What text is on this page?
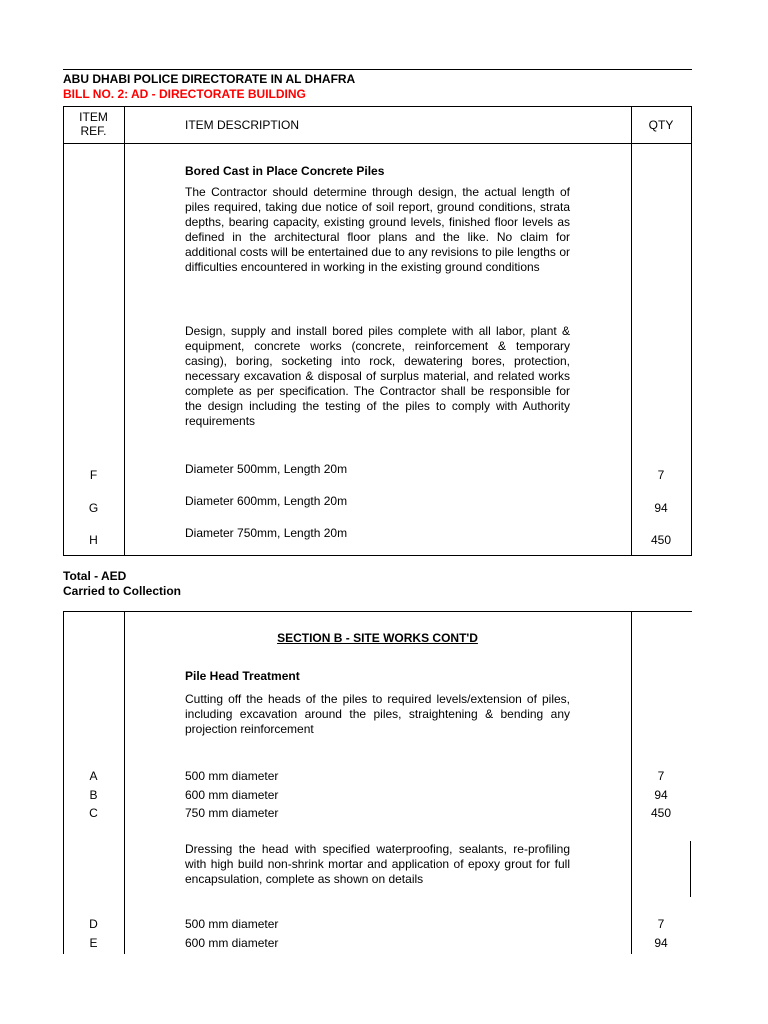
ABU DHABI POLICE DIRECTORATE IN AL DHAFRA
BILL NO. 2: AD - DIRECTORATE BUILDING
ITEM
REF.	ITEM DESCRIPTION	QTY
Bored Cast in Place Concrete Piles
The Contractor should determine through design, the actual length of piles required, taking due notice of soil report, ground conditions, strata depths, bearing capacity, existing ground levels, finished floor levels as defined in the architectural floor plans and the like. No claim for additional costs will be entertained due to any revisions to pile lengths or difficulties encountered in working in the existing ground conditions
Design, supply and install bored piles complete with all labor, plant & equipment, concrete works (concrete, reinforcement & temporary casing), boring, socketing into rock, dewatering bores, protection, necessary excavation & disposal of surplus material, and related works complete as per specification. The Contractor shall be responsible for the design including the testing of the piles to comply with Authority requirements
F	Diameter 500mm, Length 20m	7
G	Diameter 600mm, Length 20m	94
H	Diameter 750mm, Length 20m	450
Total - AED
Carried to Collection
SECTION B - SITE WORKS CONT'D
Pile Head Treatment
Cutting off the heads of the piles to required levels/extension of piles, including excavation around the piles, straightening & bending any projection reinforcement
A	500 mm diameter	7
B	600 mm diameter	94
C	750 mm diameter	450
Dressing the head with specified waterproofing, sealants, re-profiling with high build non-shrink mortar and application of epoxy grout for full encapsulation, complete as shown on details
D	500 mm diameter	7
E	600 mm diameter	94
